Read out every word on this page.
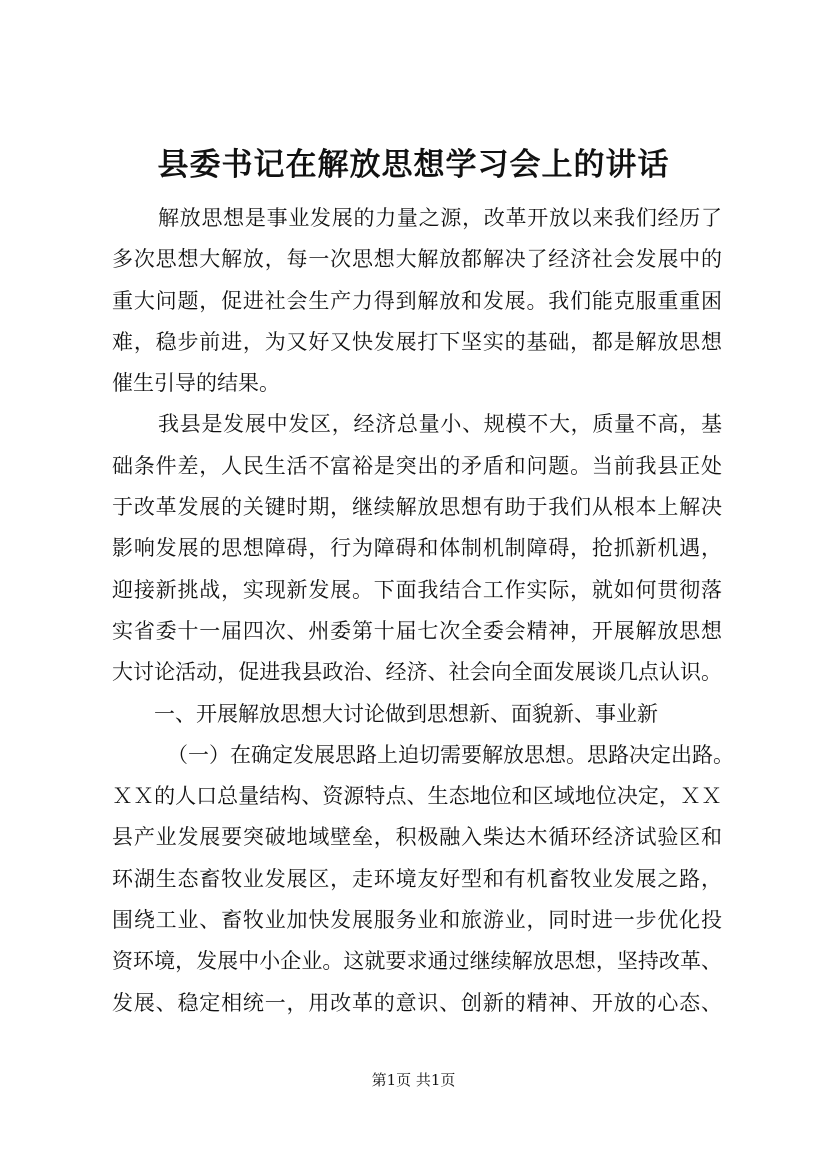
县委书记在解放思想学习会上的讲话
解放思想是事业发展的力量之源，改革开放以来我们经历了
多次思想大解放，每一次思想大解放都解决了经济社会发展中的
重大问题，促进社会生产力得到解放和发展。我们能克服重重困
难，稳步前进，为又好又快发展打下坚实的基础，都是解放思想
催生引导的结果。
我县是发展中发区，经济总量小、规模不大，质量不高，基
础条件差，人民生活不富裕是突出的矛盾和问题。当前我县正处
于改革发展的关键时期，继续解放思想有助于我们从根本上解决
影响发展的思想障碍，行为障碍和体制机制障碍，抢抓新机遇，
迎接新挑战，实现新发展。下面我结合工作实际，就如何贯彻落
实省委十一届四次、州委第十届七次全委会精神，开展解放思想
大讨论活动，促进我县政治、经济、社会向全面发展谈几点认识。
一、开展解放思想大讨论做到思想新、面貌新、事业新
（一）在确定发展思路上迫切需要解放思想。思路决定出路。
ＸＸ的人口总量结构、资源特点、生态地位和区域地位决定，ＸＸ
县产业发展要突破地域壁垒，积极融入柴达木循环经济试验区和
环湖生态畜牧业发展区，走环境友好型和有机畜牧业发展之路，
围绕工业、畜牧业加快发展服务业和旅游业，同时进一步优化投
资环境，发展中小企业。这就要求通过继续解放思想，坚持改革、
发展、稳定相统一，用改革的意识、创新的精神、开放的心态、
第1页 共1页
